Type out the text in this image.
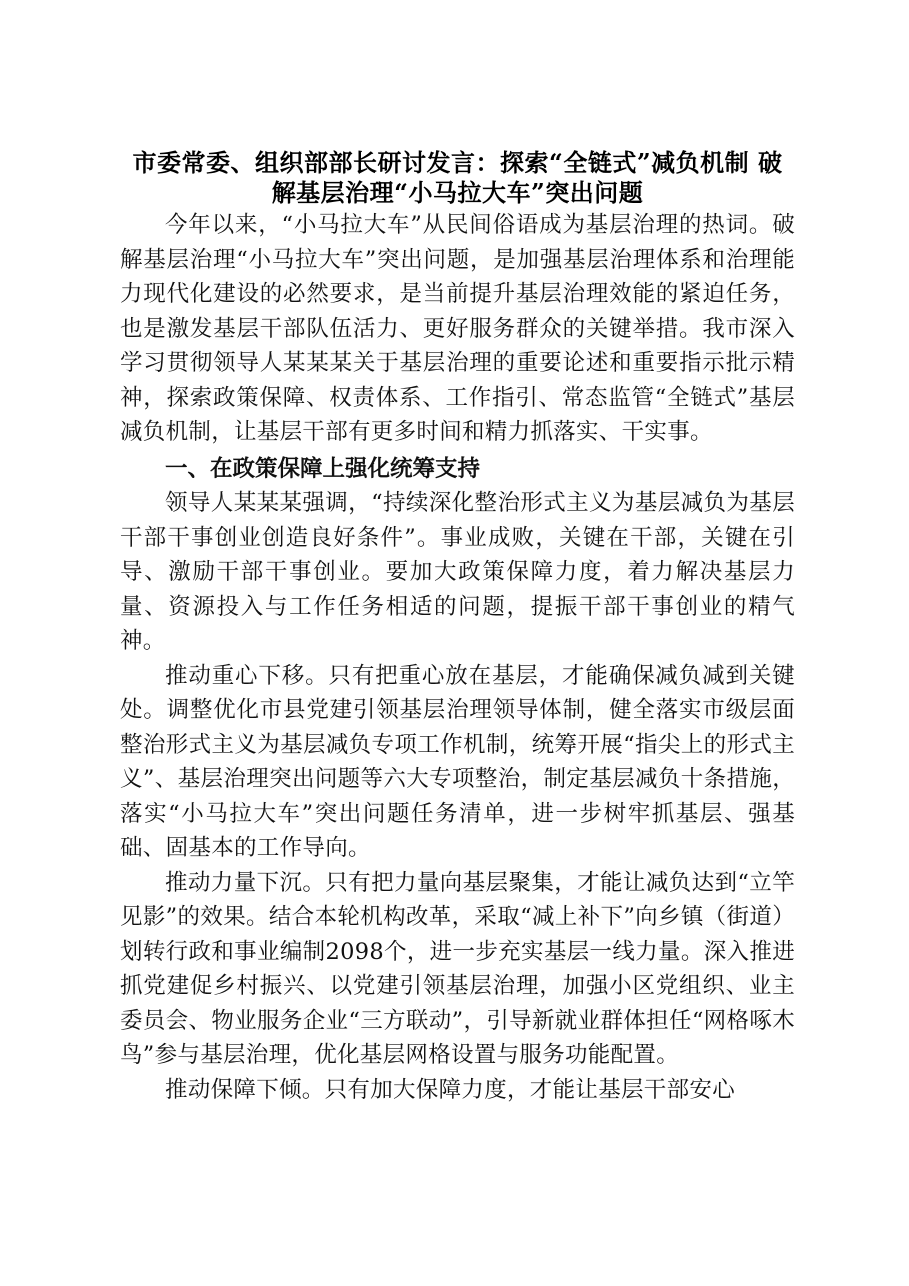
市委常委、组织部部长研讨发言：探索“全链式”减负机制 破
解基层治理“小马拉大车”突出问题

今年以来，“小马拉大车”从民间俗语成为基层治理的热词。破解基层治理“小马拉大车”突出问题，是加强基层治理体系和治理能力现代化建设的必然要求，是当前提升基层治理效能的紧迫任务，也是激发基层干部队伍活力、更好服务群众的关键举措。我市深入学习贯彻领导人某某某关于基层治理的重要论述和重要指示批示精神，探索政策保障、权责体系、工作指引、常态监管“全链式”基层减负机制，让基层干部有更多时间和精力抓落实、干实事。

一、在政策保障上强化统筹支持

领导人某某某强调，“持续深化整治形式主义为基层减负为基层干部干事创业创造良好条件”。事业成败，关键在干部，关键在引导、激励干部干事创业。要加大政策保障力度，着力解决基层力量、资源投入与工作任务相适的问题，提振干部干事创业的精气神。

推动重心下移。只有把重心放在基层，才能确保减负减到关键处。调整优化市县党建引领基层治理领导体制，健全落实市级层面整治形式主义为基层减负专项工作机制，统筹开展“指尖上的形式主义”、基层治理突出问题等六大专项整治，制定基层减负十条措施，落实“小马拉大车”突出问题任务清单，进一步树牢抓基层、强基础、固基本的工作导向。

推动力量下沉。只有把力量向基层聚集，才能让减负达到“立竿见影”的效果。结合本轮机构改革，采取“减上补下”向乡镇（街道）划转行政和事业编制2098个，进一步充实基层一线力量。深入推进抓党建促乡村振兴、以党建引领基层治理，加强小区党组织、业主委员会、物业服务企业“三方联动”，引导新就业群体担任“网格啄木鸟”参与基层治理，优化基层网格设置与服务功能配置。

推动保障下倾。只有加大保障力度，才能让基层干部安心
